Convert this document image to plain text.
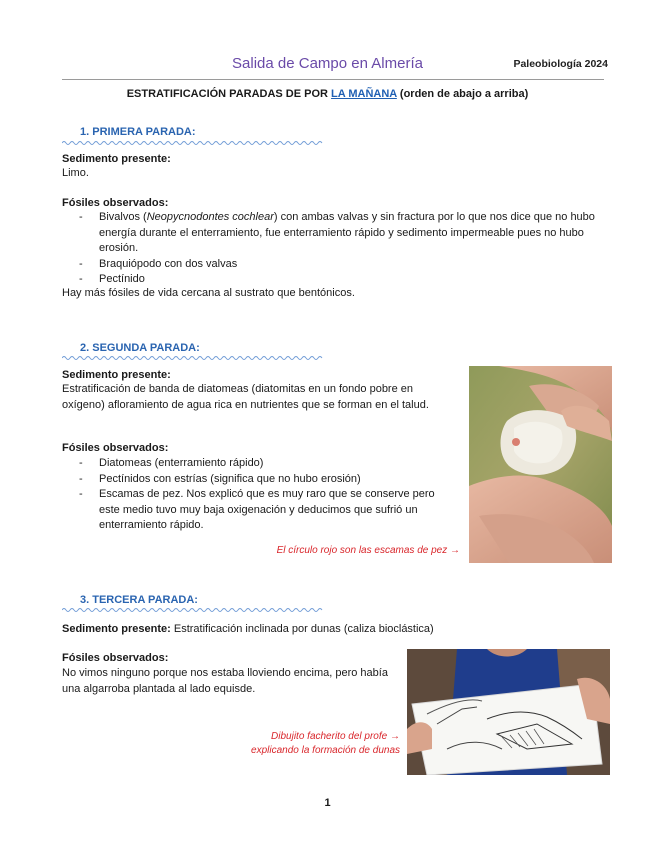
Salida de Campo en Almería	Paleobiología 2024
ESTRATIFICACIÓN PARADAS DE POR LA MAÑANA (orden de abajo a arriba)
1. PRIMERA PARADA:
Sedimento presente:
Limo.
Fósiles observados:
- Bivalvos (Neopycnodontes cochlear) con ambas valvas y sin fractura por lo que nos dice que no hubo energía durante el enterramiento, fue enterramiento rápido y sedimento impermeable pues no hubo erosión.
- Braquiópodo con dos valvas
- Pectínido
Hay más fósiles de vida cercana al sustrato que bentónicos.
2. SEGUNDA PARADA:
Sedimento presente:
Estratificación de banda de diatomeas (diatomitas en un fondo pobre en oxígeno) afloramiento de agua rica en nutrientes que se forman en el talud.
Fósiles observados:
- Diatomeas (enterramiento rápido)
- Pectínidos con estrías (significa que no hubo erosión)
- Escamas de pez. Nos explicó que es muy raro que se conserve pero este medio tuvo muy baja oxigenación y deducimos que sufrió un enterramiento rápido.
El círculo rojo son las escamas de pez →
3. TERCERA PARADA:
Sedimento presente: Estratificación inclinada por dunas (caliza bioclástica)
Fósiles observados:
No vimos ninguno porque nos estaba lloviendo encima, pero había una algarroba plantada al lado equisde.
Dibujito facherito del profe →
explicando la formación de dunas
1
